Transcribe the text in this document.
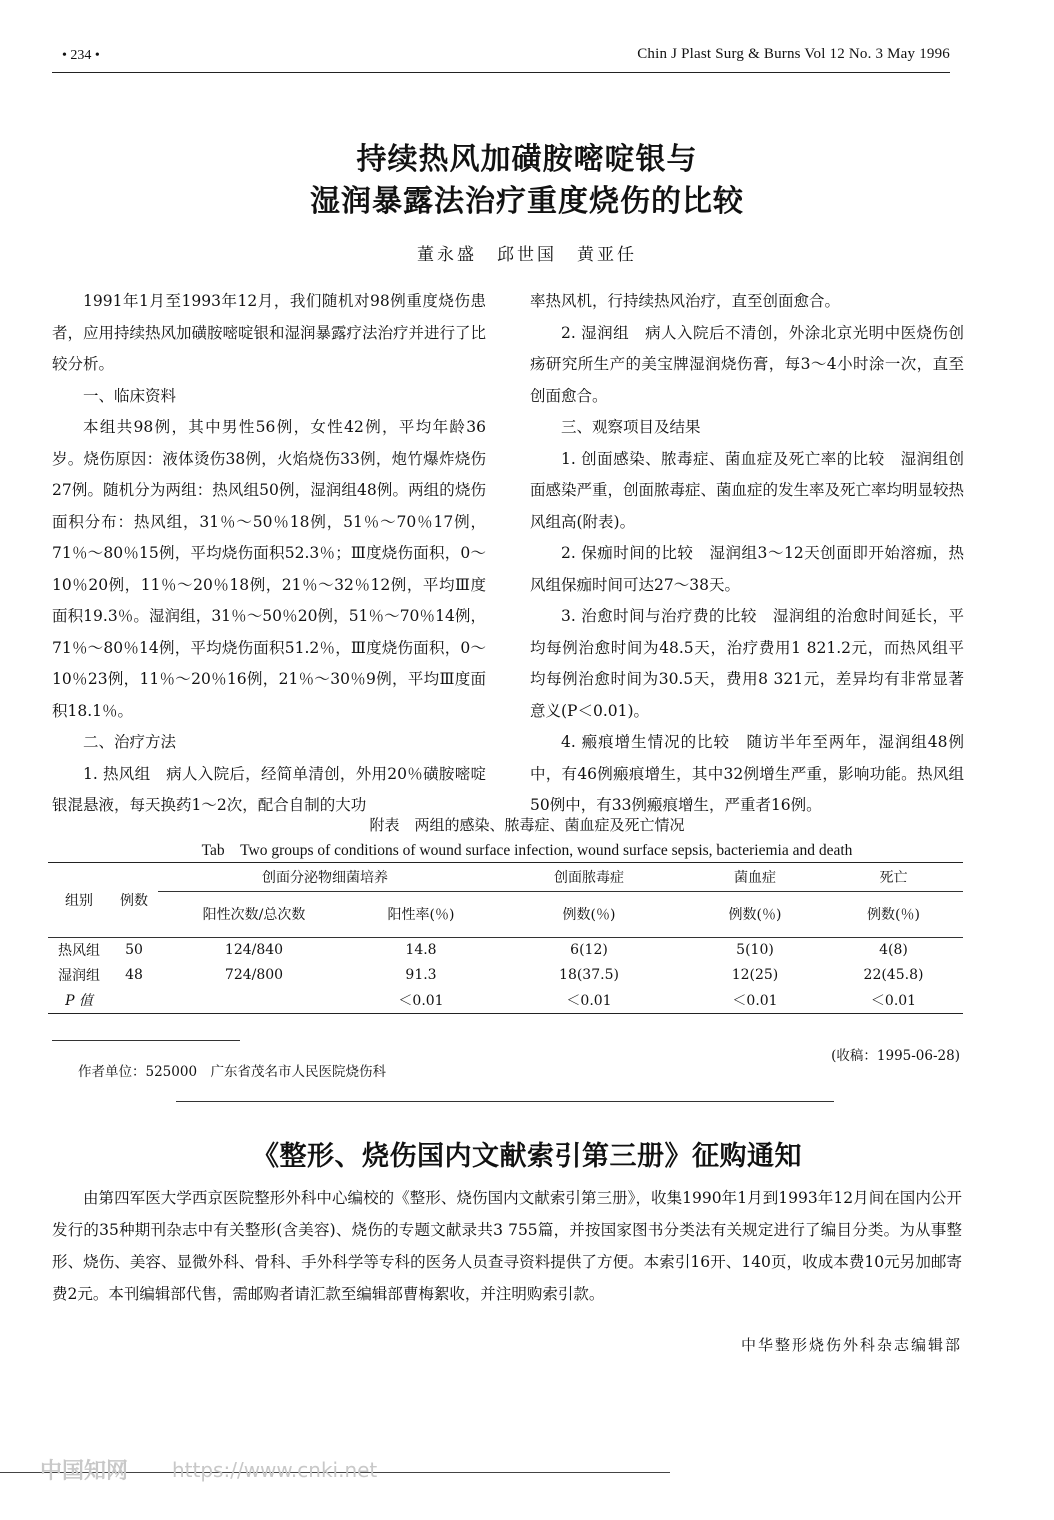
• 234 •	Chin J Plast Surg & Burns Vol 12 No. 3 May 1996
持续热风加磺胺嘧啶银与
湿润暴露法治疗重度烧伤的比较
董永盛　邱世国　黄亚任

1991年1月至1993年12月，我们随机对98例重度烧伤患者，应用持续热风加磺胺嘧啶银和湿润暴露疗法治疗并进行了比较分析。

一、临床资料

本组共98例，其中男性56例，女性42例，平均年龄36岁。烧伤原因：液体烫伤38例，火焰烧伤33例，炮竹爆炸烧伤27例。随机分为两组：热风组50例，湿润组48例。两组的烧伤面积分布：热风组，31％～50％18例，51％～70％17例，71％～80％15例，平均烧伤面积52.3％；Ⅲ度烧伤面积，0～10％20例，11％～20％18例，21％～32％12例，平均Ⅲ度面积19.3％。湿润组，31％～50％20例，51％～70％14例，71％～80％14例，平均烧伤面积51.2％，Ⅲ度烧伤面积，0～10％23例，11％～20％16例，21％～30％9例，平均Ⅲ度面积18.1％。

二、治疗方法

1. 热风组　病人入院后，经简单清创，外用20％磺胺嘧啶银混悬液，每天换药1～2次，配合自制的大功

率热风机，行持续热风治疗，直至创面愈合。

2. 湿润组　病人入院后不清创，外涂北京光明中医烧伤创疡研究所生产的美宝牌湿润烧伤膏，每3～4小时涂一次，直至创面愈合。

三、观察项目及结果

1. 创面感染、脓毒症、菌血症及死亡率的比较　湿润组创面感染严重，创面脓毒症、菌血症的发生率及死亡率均明显较热风组高(附表)。

2. 保痂时间的比较　湿润组3～12天创面即开始溶痂，热风组保痂时间可达27～38天。

3. 治愈时间与治疗费的比较　湿润组的治愈时间延长，平均每例治愈时间为48.5天，治疗费用1 821.2元，而热风组平均每例治愈时间为30.5天，费用8 321元，差异均有非常显著意义(P＜0.01)。

4. 瘢痕增生情况的比较　随访半年至两年，湿润组48例中，有46例瘢痕增生，其中32例增生严重，影响功能。热风组50例中，有33例瘢痕增生，严重者16例。

附表　两组的感染、脓毒症、菌血症及死亡情况
Tab　Two groups of conditions of wound surface infection, wound surface sepsis, bacteriemia and death
组别	例数	创面分泌物细菌培养		创面脓毒症	菌血症	死亡
		阳性次数/总次数	阳性率(％)	例数(％)	例数(％)	例数(％)
热风组	50	124/840	14.8	6(12)	5(10)	4(8)
湿润组	48	724/800	91.3	18(37.5)	12(25)	22(45.8)
P 值			＜0.01	＜0.01	＜0.01	＜0.01
(收稿：1995-06-28)
作者单位：525000　广东省茂名市人民医院烧伤科
《整形、烧伤国内文献索引第三册》征购通知
由第四军医大学西京医院整形外科中心编校的《整形、烧伤国内文献索引第三册》，收集1990年1月到1993年12月间在国内公开发行的35种期刊杂志中有关整形(含美容)、烧伤的专题文献录共3 755篇，并按国家图书分类法有关规定进行了编目分类。为从事整形、烧伤、美容、显微外科、骨科、手外科学等专科的医务人员查寻资料提供了方便。本索引16开、140页，收成本费10元另加邮寄费2元。本刊编辑部代售，需邮购者请汇款至编辑部曹梅絮收，并注明购索引款。
中华整形烧伤外科杂志编辑部
中国知网 https://www.cnki.net
